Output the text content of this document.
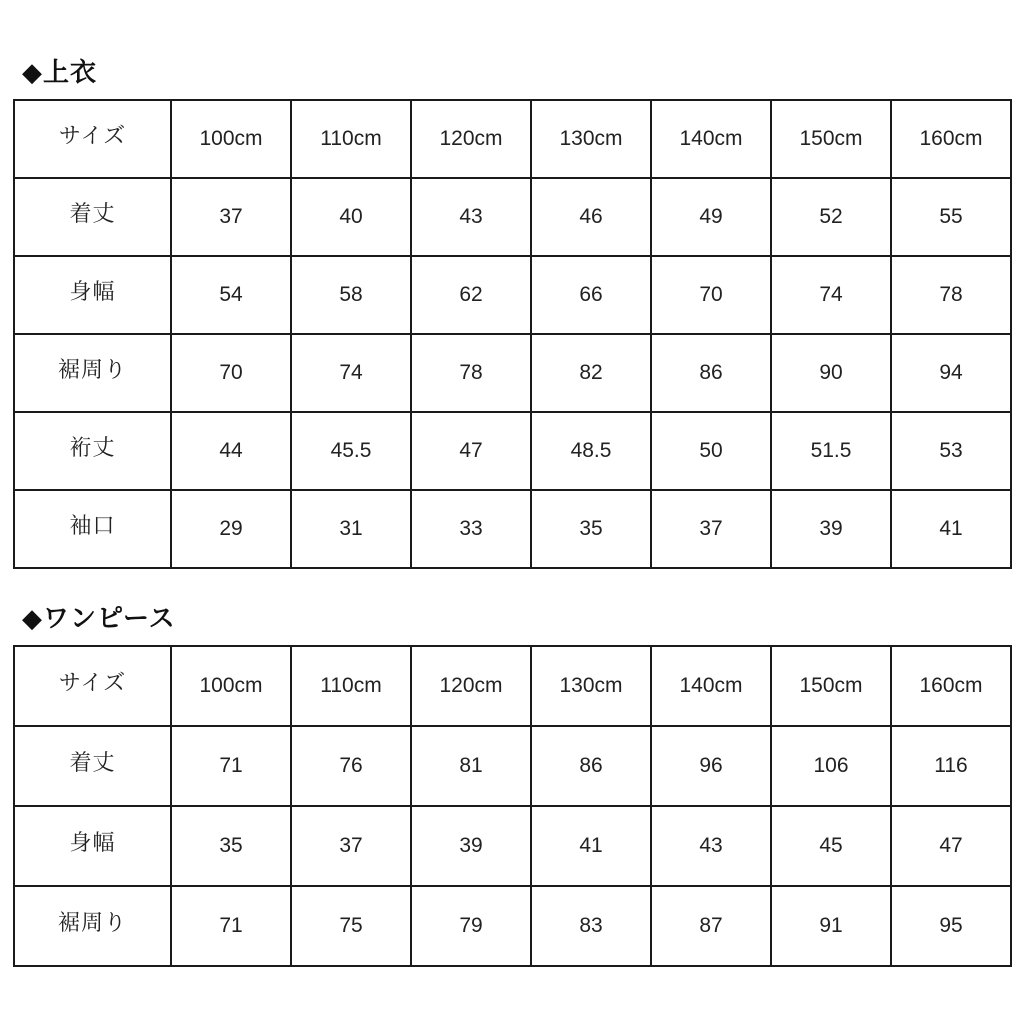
◆上衣
サイズ	100cm	110cm	120cm	130cm	140cm	150cm	160cm
着丈	37	40	43	46	49	52	55
身幅	54	58	62	66	70	74	78
裾周り	70	74	78	82	86	90	94
裄丈	44	45.5	47	48.5	50	51.5	53
袖口	29	31	33	35	37	39	41
◆ワンピース
サイズ	100cm	110cm	120cm	130cm	140cm	150cm	160cm
着丈	71	76	81	86	96	106	116
身幅	35	37	39	41	43	45	47
裾周り	71	75	79	83	87	91	95
